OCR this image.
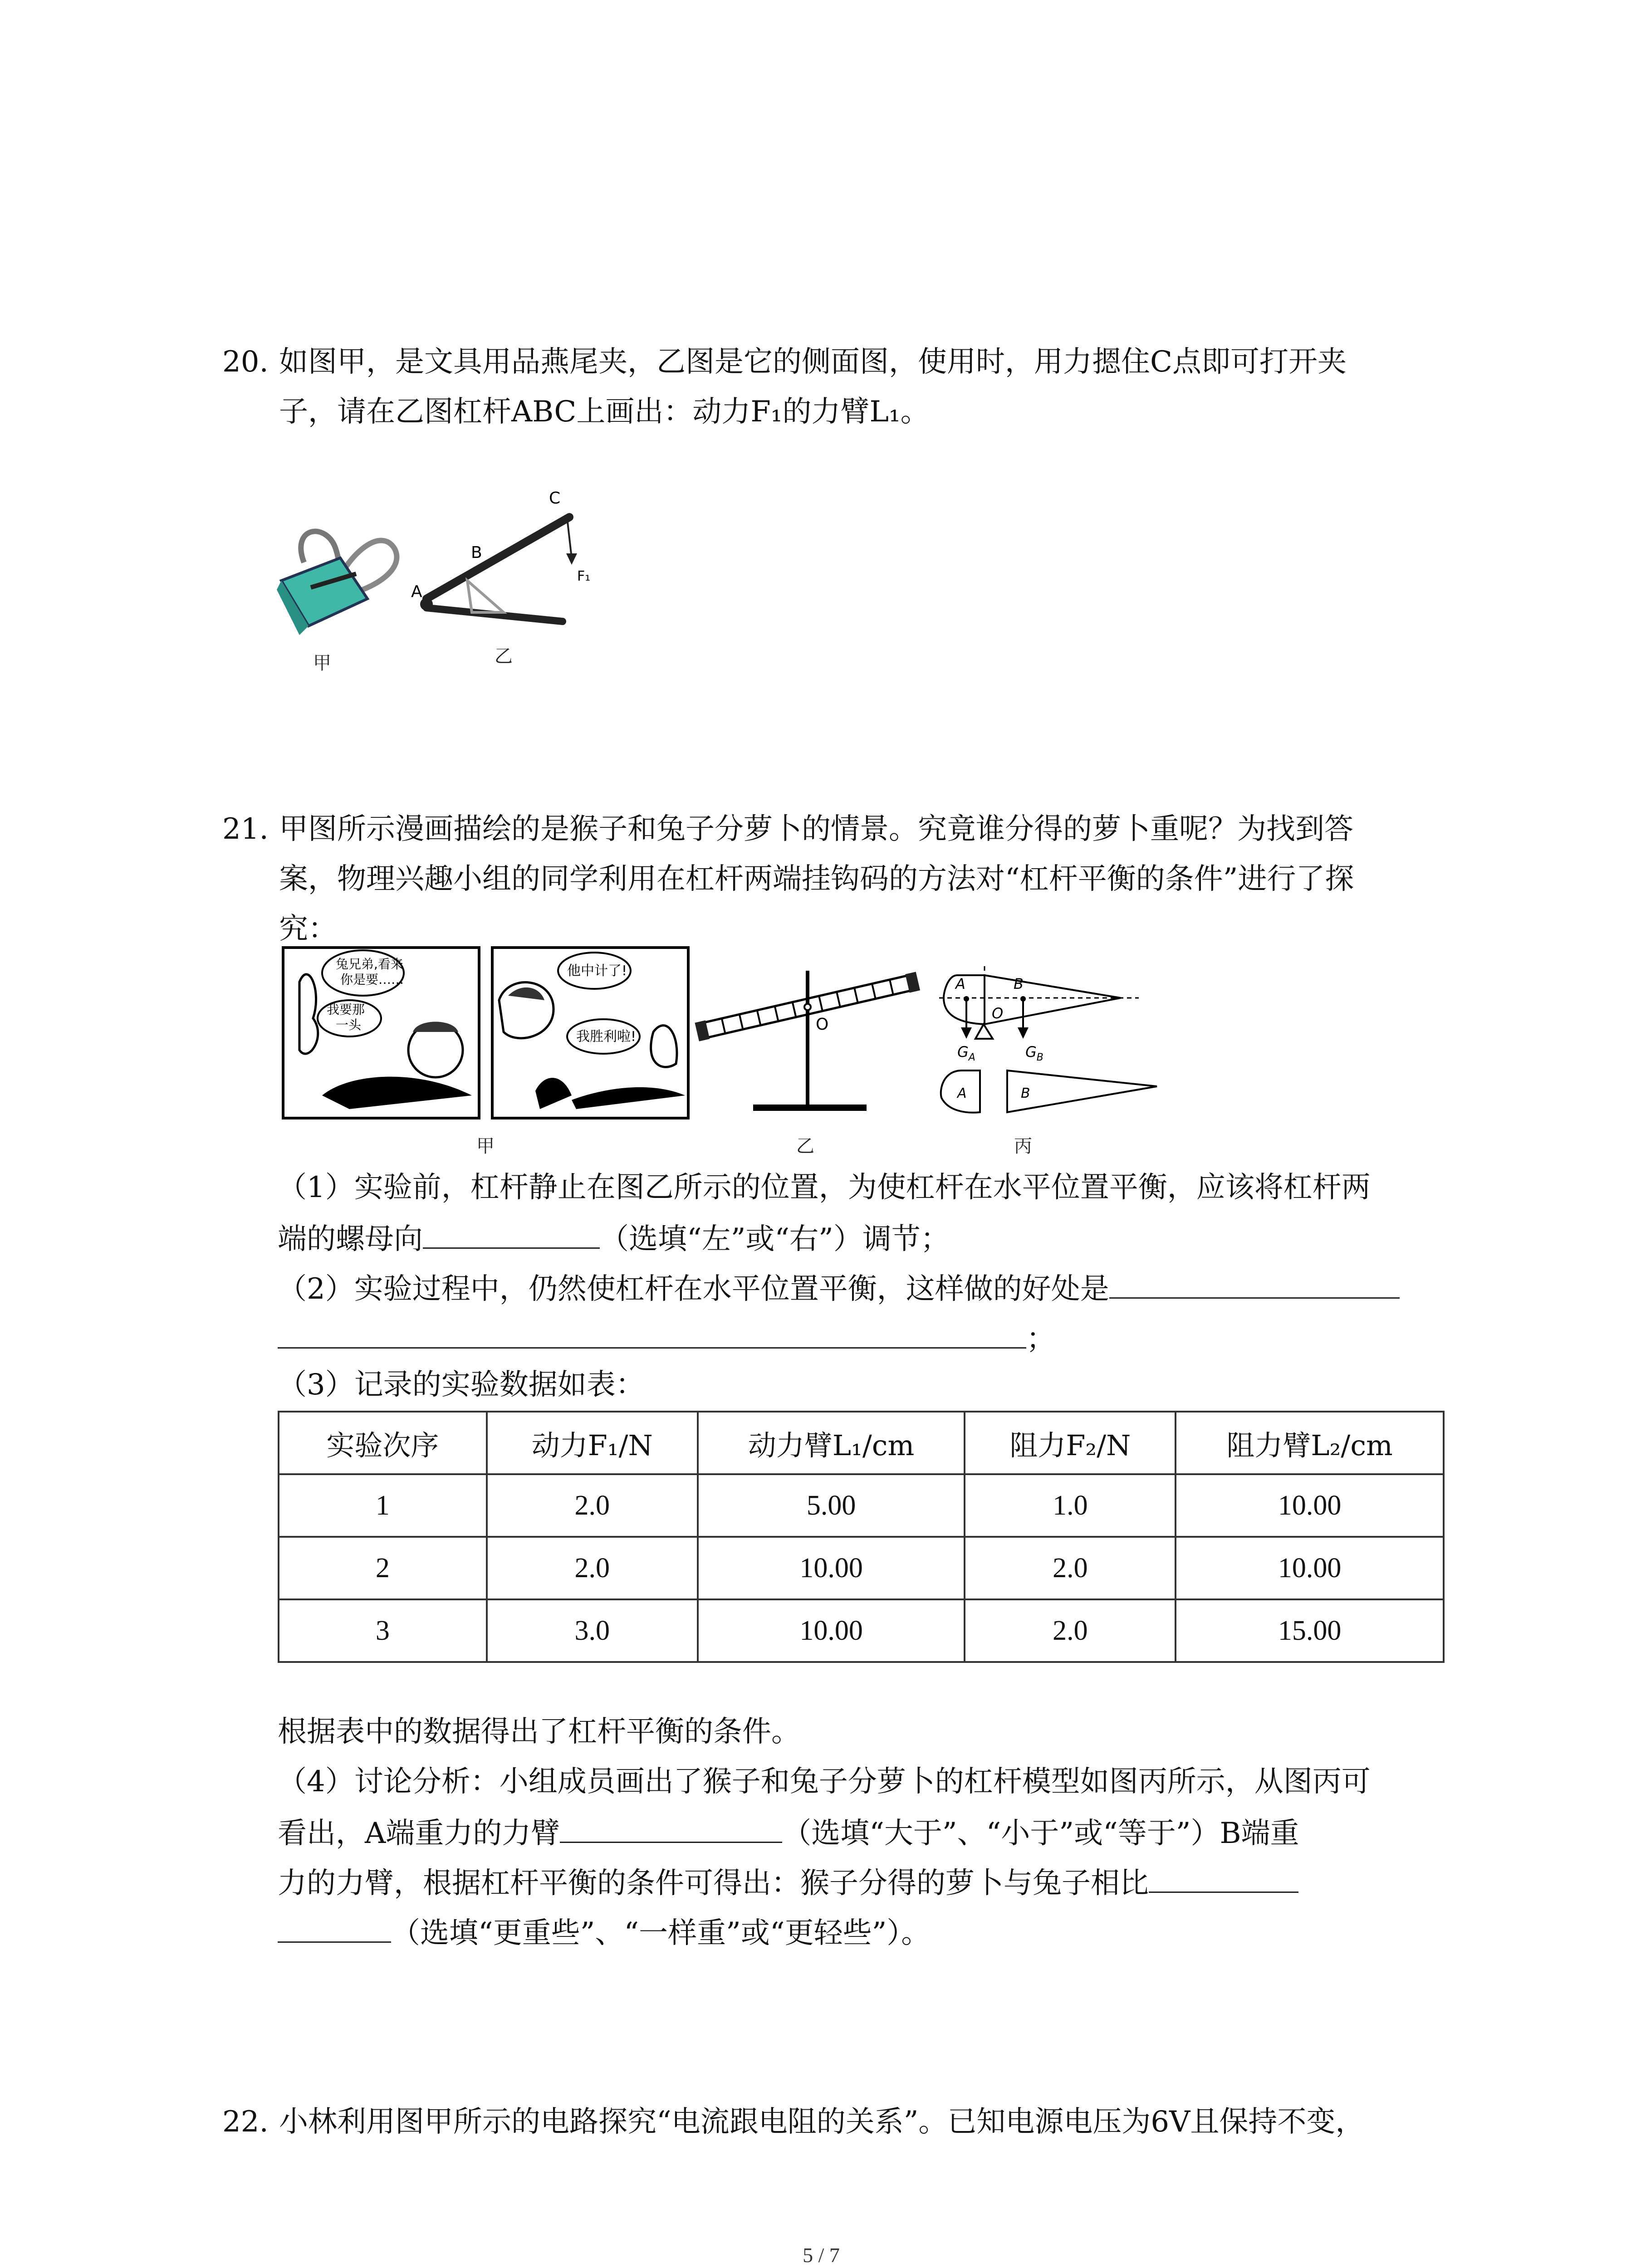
20. 如图甲，是文具用品燕尾夹，乙图是它的侧面图，使用时，用力摁住C点即可打开夹
子，请在乙图杠杆ABC上画出：动力F₁的力臂L₁。
甲
C
B
A
F₁
乙
21. 甲图所示漫画描绘的是猴子和兔子分萝卜的情景。究竟谁分得的萝卜重呢？为找到答
案，物理兴趣小组的同学利用在杠杆两端挂钩码的方法对“杠杆平衡的条件”进行了探
究：
兔兄弟,看来
你是要……
我要那
一头
他中计了!
我胜利啦!
甲
O
乙
A	B
O
$G_A$	$G_B$
A	B
丙
（1）实验前，杠杆静止在图乙所示的位置，为使杠杆在水平位置平衡，应该将杠杆两
端的螺母向	（选填“左”或“右”）调节；
（2）实验过程中，仍然使杠杆在水平位置平衡，这样做的好处是
；
（3）记录的实验数据如表：
实验次序	动力F₁/N	动力臂L₁/cm	阻力F₂/N	阻力臂L₂/cm
1	2.0	5.00	1.0	10.00
2	2.0	10.00	2.0	10.00
3	3.0	10.00	2.0	15.00
根据表中的数据得出了杠杆平衡的条件。
（4）讨论分析：小组成员画出了猴子和兔子分萝卜的杠杆模型如图丙所示，从图丙可
看出，A端重力的力臂	（选填“大于”、“小于”或“等于”）B端重
力的力臂，根据杠杆平衡的条件可得出：猴子分得的萝卜与兔子相比
（选填“更重些”、“一样重”或“更轻些”）。
22. 小林利用图甲所示的电路探究“电流跟电阻的关系”。已知电源电压为6V且保持不变，
5 / 7
